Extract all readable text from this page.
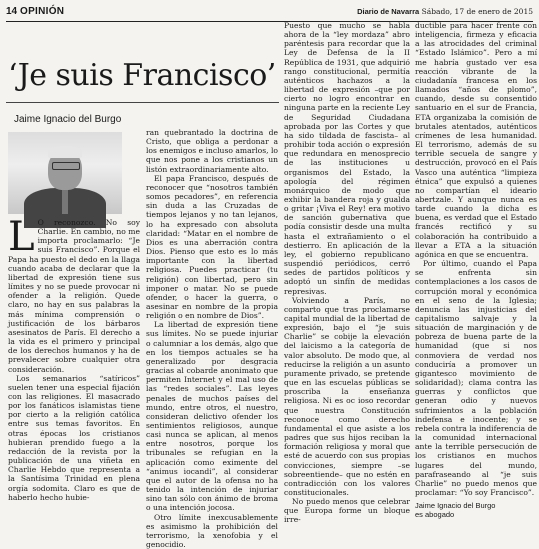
14 OPINIÓN	Diario de Navarra Sábado, 17 de enero de 2015
‘Je suis Francisco’
Jaime Ignacio del Burgo

L O reconozco. No soy Charlie. En cambio, no me importa proclamarlo: “Je suis Francisco”. Porque el Papa ha puesto el dedo en la llaga cuando acaba de declarar que la libertad de expresión tiene sus límites y no se puede provocar ni ofender a la religión. Quede claro, no hay en sus palabras la más mínima comprensión o justificación de los bárbaros asesinatos de París. El derecho a la vida es el primero y principal de los derechos humanos y ha de prevalecer sobre cualquier otra consideración.

Los semanarios “satíricos” suelen tener una especial fijación con las religiones. El masacrado por los fanáticos islamistas tiene por cierto a la religión católica entre sus temas favoritos. En otras épocas los cristianos hubieran prendido fuego a la redacción de la revista por la publicación de una viñeta en Charlie Hebdo que representa a la Santísima Trinidad en plena orgía sodomita. Claro es que de haberlo hecho hubie-

ran quebrantado la doctrina de Cristo, que obliga a perdonar a los enemigos e incluso amarlos, lo que nos pone a los cristianos un listón extraordinariamente alto.

El papa Francisco, después de reconocer que “nosotros también somos pecadores”, en referencia sin duda a las Cruzadas de tiempos lejanos y no tan lejanos, lo ha expresado con absoluta claridad: “Matar en el nombre de Dios es una aberración contra Dios. Pienso que esto es lo más importante con la libertad religiosa. Puedes practicar (tu religión) con libertad, pero sin imponer o matar. No se puede ofender, o hacer la guerra, o asesinar en nombre de la propia religión o en nombre de Dios”.

La libertad de expresión tiene sus límites. No se puede injuriar o calumniar a los demás, algo que en los tiempos actuales se ha generalizado por desgracia gracias al cobarde anonimato que permiten Internet y el mal uso de las “redes sociales”. Las leyes penales de muchos países del mundo, entre otros, el nuestro, consideran delictivo ofender los sentimientos religiosos, aunque casi nunca se aplican, al menos entre nosotros, porque los tribunales se refugian en la aplicación como eximente del “animus iocandi”, al considerar que el autor de la ofensa no ha tenido la intención de injuriar sino tan sólo con ánimo de broma o una intención jocosa.

Otro límite inexcusablemente es asimismo la prohibición del terrorismo, la xenofobia y el genocidio.

Puesto que mucho se habla ahora de la “ley mordaza” abro paréntesis para recordar que la Ley de Defensa de la II República de 1931, que adquirió rango constitucional, permitía auténticos hachazos a la libertad de expresión –que por cierto no logro encontrar en ninguna parte en la reciente Ley de Seguridad Ciudadana aprobada por las Cortes y que ha sido tildada de fascista– al prohibir toda acción o expresión que redundara en menosprecio de las instituciones u organismos del Estado, la apología del régimen monárquico de modo que exhibir la bandera roja y gualda o gritar ¡Viva el Rey! era motivo de sanción gubernativa que podía consistir desde una multa hasta el extrañamiento o el destierro. En aplicación de la ley, el gobierno republicano suspendió periódicos, cerró sedes de partidos políticos y adoptó un sinfín de medidas represivas.

Volviendo a París, no comparto que tras proclamarse capital mundial de la libertad de expresión, bajo el “je suis Charlie” se cobije la elevación del laicismo a la categoría de valor absoluto. De modo que, al reducirse la religión a un asunto puramente privado, se pretende que en las escuelas públicas se proscriba la enseñanza religiosa. Ni es oc ioso recordar que nuestra Constitución reconoce como derecho fundamental el que asiste a los padres que sus hijos reciban la formación religiosa y moral que esté de acuerdo con sus propias convicciones, siempre –se sobreentiende– que no estén en contradicción con los valores constitucionales.

No puedo menos que celebrar que Europa forme un bloque irre-

ductible para hacer frente con inteligencia, firmeza y eficacia a las atrocidades del criminal “Estado Islámico”. Pero a mí me habría gustado ver esa reacción vibrante de la ciudadanía francesa en los llamados “años de plomo”, cuando, desde su consentido santuario en el sur de Francia, ETA organizaba la comisión de brutales atentados, auténticos crímenes de lesa humanidad. El terrorismo, además de su terrible secuela de sangre y destrucción, provocó en el País Vasco una auténtica “limpieza étnica” que expulsó a quienes no compartían el ideario abertzale. Y aunque nunca es tarde cuando la dicha es buena, es verdad que el Estado francés rectificó y su colaboración ha contribuido a llevar a ETA a la situación agónica en que se encuentra.

Por último, cuando el Papa se enfrenta sin contemplaciones a los casos de corrupción moral y económica en el seno de la Iglesia; denuncia las injusticias del capitalismo salvaje y la situación de marginación y de pobreza de buena parte de la humanidad (que si nos conmoviera de verdad nos conduciría a promover un gigantesco movimiento de solidaridad); clama contra las guerras y conflictos que generan odio y nuevos sufrimientos a la población indefensa e inocente; y se rebela contra la indiferencia de la comunidad internacional ante la terrible persecución de los cristianos en muchos lugares del mundo, parafraseando al “je suis Charlie” no puedo menos que proclamar: “Yo soy Francisco”.

Jaime Ignacio del Burgo
es abogado
